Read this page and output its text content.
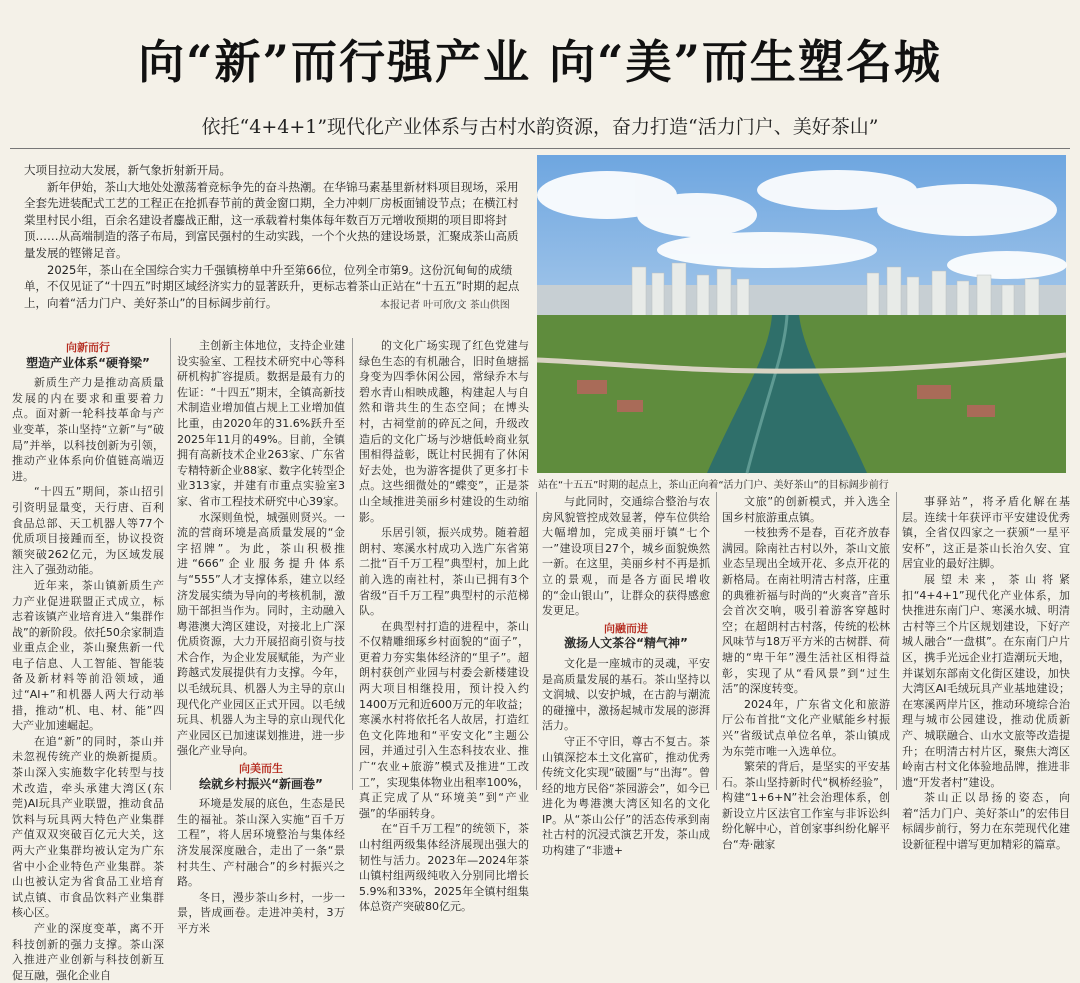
向“新”而行强产业 向“美”而生塑名城
依托“4+4+1”现代化产业体系与古村水韵资源，奋力打造“活力门户、美好茶山”

大项目拉动大发展，新气象折射新开局。

新年伊始，茶山大地处处激荡着竞标争先的奋斗热潮。在华锦马素基里新材料项目现场，采用全套先进装配式工艺的工程正在抢抓春节前的黄金窗口期，全力冲刺厂房板面铺设节点；在横江村棠里村民小组，百余名建设者鏖战正酣，这一承载着村集体每年数百万元增收预期的项目即将封顶……从高端制造的落子布局，到富民强村的生动实践，一个个火热的建设场景，汇聚成茶山高质量发展的铿锵足音。

2025年，茶山在全国综合实力千强镇榜单中升至第66位，位列全市第9。这份沉甸甸的成绩单，不仅见证了“十四五”时期区域经济实力的显著跃升，更标志着茶山正站在“十五五”时期的起点上，向着“活力门户、美好茶山”的目标阔步前行。	本报记者 叶可欣/文 茶山供图
站在“十五五”时期的起点上，茶山正向着“活力门户、美好茶山”的目标阔步前行
向新而行
塑造产业体系“硬脊梁”

新质生产力是推动高质量发展的内在要求和重要着力点。面对新一轮科技革命与产业变革，茶山坚持“立新”与“破局”并举，以科技创新为引领，推动产业体系向价值链高端迈进。

“十四五”期间，茶山招引引资明显量变，天行唐、百利食品总部、天工机器人等77个优质项目接踵而至，协议投资额突破262亿元，为区域发展注入了强劲动能。

近年来，茶山镇新质生产力产业促进联盟正式成立，标志着该镇产业培育进入“集群作战”的新阶段。依托50余家制造业重点企业，茶山聚焦新一代电子信息、人工智能、智能装备及新材料等前沿领域，通过“AI+”和机器人两大行动举措，推动“机、电、材、能”四大产业加速崛起。

在追“新”的同时，茶山并未忽视传统产业的焕新提质。茶山深入实施数字化转型与技术改造，牵头承建大湾区(东莞)AI玩具产业联盟，推动食品饮料与玩具两大特色产业集群产值双双突破百亿元大关，这两大产业集群均被认定为广东省中小企业特色产业集群。茶山也被认定为省食品工业培育试点镇、市食品饮料产业集群核心区。

产业的深度变革，离不开科技创新的强力支撑。茶山深入推进产业创新与科技创新互促互融，强化企业自

主创新主体地位，支持企业建设实验室、工程技术研究中心等科研机构扩容提质。数据是最有力的佐证：“十四五”期末，全镇高新技术制造业增加值占规上工业增加值比重，由2020年的31.6%跃升至2025年11月的49%。目前，全镇拥有高新技术企业263家、广东省专精特新企业88家、数字化转型企业313家，并建有市重点实验室3家、省市工程技术研究中心39家。

水深则鱼悦，城强则贤兴。一流的营商环境是高质量发展的“金字招牌”。为此，茶山积极推进“666”企业服务提升体系与“555”人才支撑体系，建立以经济发展实绩为导向的考核机制，激励干部担当作为。同时，主动融入粤港澳大湾区建设，对接北上广深优质资源，大力开展招商引资与技术合作，为企业发展赋能，为产业跨越式发展提供有力支撑。今年，以毛绒玩具、机器人为主导的京山现代化产业园区正式开园。以毛绒玩具、机器人为主导的京山现代化产业园区已加速谋划推进，进一步强化产业导向。

向美而生
绘就乡村振兴“新画卷”

环境是发展的底色，生态是民生的福祉。茶山深入实施“百千万工程”，将人居环境整治与集体经济发展深度融合，走出了一条“景村共生、产村融合”的乡村振兴之路。

冬日，漫步茶山乡村，一步一景，皆成画卷。走进冲美村，3万平方米

的文化广场实现了红色党建与绿色生态的有机融合，旧时鱼塘摇身变为四季休闲公园，常绿乔木与碧水青山相映成趣，构建起人与自然和谐共生的生态空间；在博头村，古祠堂前的碎瓦之间，升级改造后的文化广场与沙塘低岭商业氛围相得益彰，既让村民拥有了休闲好去处，也为游客提供了更多打卡点。这些细微处的“蝶变”，正是茶山全域推进美丽乡村建设的生动缩影。

乐居引领，振兴成势。随着超朗村、寒溪水村成功入选广东省第二批“百千万工程”典型村，加上此前入选的南社村，茶山已拥有3个省级“百千万工程”典型村的示范梯队。

在典型村打造的进程中，茶山不仅精雕细琢乡村面貌的“面子”，更着力夯实集体经济的“里子”。超朗村获创产业园与村委会新楼建设两大项目相继投用，预计投入约1400万元和近600万元的年收益；寒溪水村将依托名人故居，打造红色文化阵地和“平安文化”主题公园，并通过引入生态科技农业、推广“农业+旅游”模式及推进“工改工”，实现集体物业出租率100%，真正完成了从“环境美”到“产业强”的华丽转身。

在“百千万工程”的统领下，茶山村组两级集体经济展现出强大的韧性与活力。2023年—2024年茶山镇村组两级纯收入分别同比增长5.9%和33%，2025年全镇村组集体总资产突破80亿元。

与此同时，交通综合整治与农房风貌管控成效显著，停车位供给大幅增加，完成美丽圩镇“七个一”建设项目27个，城乡面貌焕然一新。在这里，美丽乡村不再是抓立的景观，而是各方面民增收的“金山银山”，让群众的获得感愈发更足。

向融而进
激扬人文茶谷“精气神”

文化是一座城市的灵魂，平安是高质量发展的基石。茶山坚持以文润城、以安护城，在古韵与潮流的碰撞中，激扬起城市发展的澎湃活力。

守正不守旧，尊古不复古。茶山镇深挖本土文化富矿，推动优秀传统文化实现“破圈”与“出海”。曾经的地方民俗“茶园游会”，如今已进化为粤港澳大湾区知名的文化IP。从“茶山公仔”的活态传承到南社古村的沉浸式演艺开发，茶山成功构建了“非遗+

文旅”的创新模式，并入选全国乡村旅游重点镇。

一枝独秀不是春，百花齐放春满园。除南社古村以外，茶山文旅业态呈现出全域开花、多点开花的新格局。在南社明清古村落，庄重的典雅祈福与时尚的“火爽音”音乐会首次交响，吸引着游客穿越时空；在超朗村古村落，传统的松林风味节与18万平方米的古树群、荷塘的“卑干年”漫生活社区相得益彰，实现了从“看风景”到“过生活”的深度转变。

2024年，广东省文化和旅游厅公布首批“文化产业赋能乡村振兴”省级试点单位名单，茶山镇成为东莞市唯一入选单位。

繁荣的背后，是坚实的平安基石。茶山坚持新时代“枫桥经验”，构建“1+6+N”社会治理体系，创新设立片区法官工作室与非诉讼纠纷化解中心，首创家事纠纷化解平台“寿·融家

事驿站”，将矛盾化解在基层。连续十年获评市平安建设优秀镇，全省仅四家之一获颁“一星平安杯”，这正是茶山长治久安、宜居宜业的最好注脚。

展望未来，茶山将紧扣“4+4+1”现代化产业体系，加快推进东南门户、寒溪水城、明清古村等三个片区规划建设，下好产城人融合“一盘棋”。在东南门户片区，携手光远企业打造潮玩天地，并谋划东部南文化街区建设，加快大湾区AI毛绒玩具产业基地建设；在寒溪两岸片区，推动环境综合治理与城市公园建设，推动优质新产、城联融合、山水文旅等改造提升；在明清古村片区，聚焦大湾区岭南古村文化体验地品牌，推进非遗“开发者村”建设。

茶山正以昂扬的姿态，向着“活力门户、美好茶山”的宏伟目标阔步前行，努力在东莞现代化建设新征程中谱写更加精彩的篇章。
